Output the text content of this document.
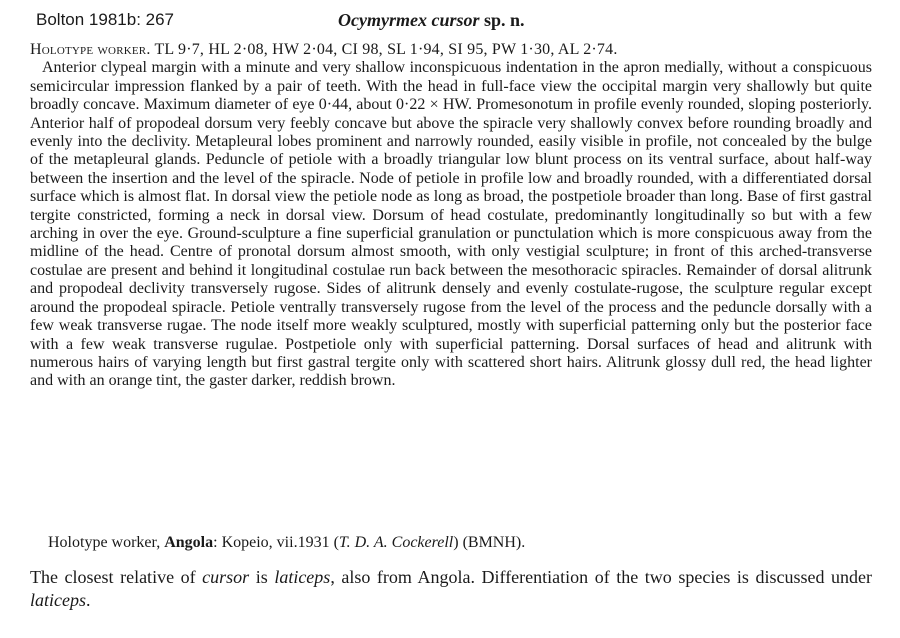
Bolton 1981b: 267	Ocymyrmex cursor sp. n.

Holotype worker. TL 9·7, HL 2·08, HW 2·04, CI 98, SL 1·94, SI 95, PW 1·30, AL 2·74.

Anterior clypeal margin with a minute and very shallow inconspicuous indentation in the apron medially, without a conspicuous semicircular impression flanked by a pair of teeth. With the head in full-face view the occipital margin very shallowly but quite broadly concave. Maximum diameter of eye 0·44, about 0·22 × HW. Promesonotum in profile evenly rounded, sloping posteriorly. Anterior half of propodeal dorsum very feebly concave but above the spiracle very shallowly convex before rounding broadly and evenly into the declivity. Metapleural lobes prominent and narrowly rounded, easily visible in profile, not concealed by the bulge of the metapleural glands. Peduncle of petiole with a broadly triangular low blunt process on its ventral surface, about half-way between the insertion and the level of the spiracle. Node of petiole in profile low and broadly rounded, with a differentiated dorsal surface which is almost flat. In dorsal view the petiole node as long as broad, the postpetiole broader than long. Base of first gastral tergite constricted, forming a neck in dorsal view. Dorsum of head costulate, predominantly longitudinally so but with a few arching in over the eye. Ground-sculpture a fine superficial granulation or punctulation which is more conspicuous away from the midline of the head. Centre of pronotal dorsum almost smooth, with only vestigial sculpture; in front of this arched-transverse costulae are present and behind it longitudinal costulae run back between the mesothoracic spiracles. Remainder of dorsal alitrunk and propodeal declivity transversely rugose. Sides of alitrunk densely and evenly costulate-rugose, the sculpture regular except around the propodeal spiracle. Petiole ventrally transversely rugose from the level of the process and the peduncle dorsally with a few weak transverse rugae. The node itself more weakly sculptured, mostly with superficial patterning only but the posterior face with a few weak transverse rugulae. Postpetiole only with superficial patterning. Dorsal surfaces of head and alitrunk with numerous hairs of varying length but first gastral tergite only with scattered short hairs. Alitrunk glossy dull red, the head lighter and with an orange tint, the gaster darker, reddish brown.

Holotype worker, Angola: Kopeio, vii.1931 (T. D. A. Cockerell) (BMNH).
The closest relative of cursor is laticeps, also from Angola. Differentiation of the two species is discussed under laticeps.
